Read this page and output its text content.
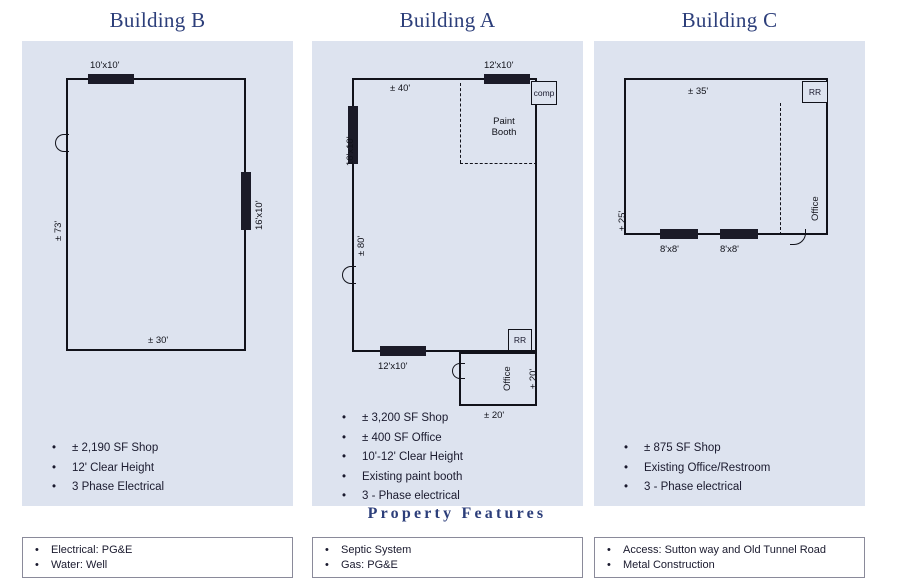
Building B	Building A	Building C
10'x10'
16'x10'
± 73'
± 30'
• ± 2,190 SF Shop
• 12' Clear Height
• 3 Phase Electrical
± 40'
12'x10'
16'x10'
± 80'
Paint
Booth
comp
12'x10'
RR
Office ± 20'
± 20'
• ± 3,200 SF Shop
• ± 400 SF Office
• 10'-12' Clear Height
• Existing paint booth
• 3 - Phase electrical
± 35'
± 25'
RR
Office
8'x8'	8'x8'
• ± 875 SF Shop
• Existing Office/Restroom
• 3 - Phase electrical
Property Features
• Electrical: PG&E
• Water: Well
• Septic System
• Gas: PG&E
• Access: Sutton way and Old Tunnel Road
• Metal Construction
